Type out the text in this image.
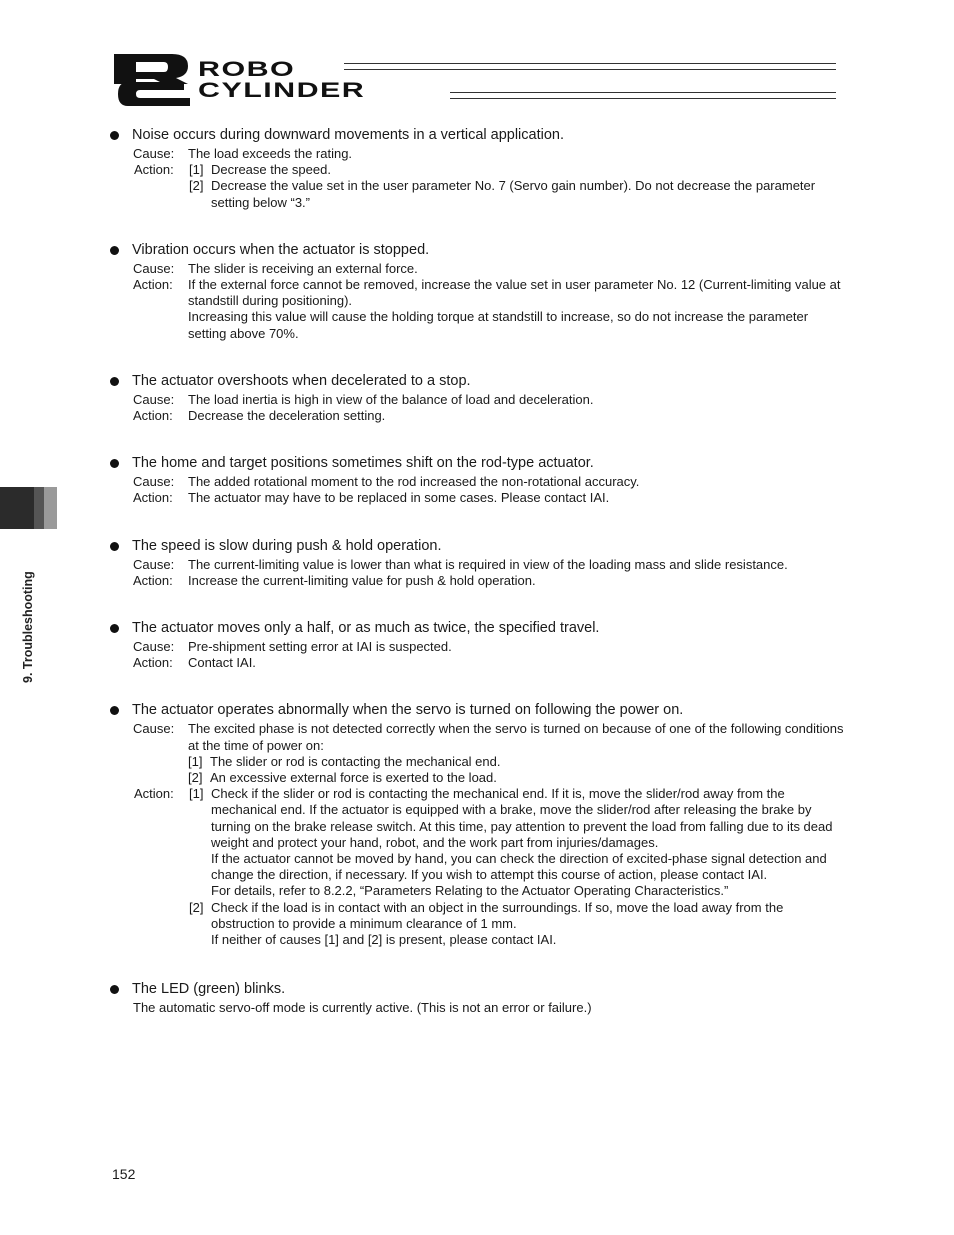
ROBO
CYLINDER
9. Troubleshooting
Noise occurs during downward movements in a vertical application.
Cause:	The load exceeds the rating.
Action:	[1] Decrease the speed.
[2] Decrease the value set in the user parameter No. 7 (Servo gain number). Do not decrease the parameter setting below “3.”
Vibration occurs when the actuator is stopped.
Cause:	The slider is receiving an external force.
Action:	If the external force cannot be removed, increase the value set in user parameter No. 12 (Current-limiting value at standstill during positioning).
Increasing this value will cause the holding torque at standstill to increase, so do not increase the parameter setting above 70%.
The actuator overshoots when decelerated to a stop.
Cause:	The load inertia is high in view of the balance of load and deceleration.
Action:	Decrease the deceleration setting.
The home and target positions sometimes shift on the rod-type actuator.
Cause:	The added rotational moment to the rod increased the non-rotational accuracy.
Action:	The actuator may have to be replaced in some cases. Please contact IAI.
The speed is slow during push & hold operation.
Cause:	The current-limiting value is lower than what is required in view of the loading mass and slide resistance.
Action:	Increase the current-limiting value for push & hold operation.
The actuator moves only a half, or as much as twice, the specified travel.
Cause:	Pre-shipment setting error at IAI is suspected.
Action:	Contact IAI.
The actuator operates abnormally when the servo is turned on following the power on.
Cause:	The excited phase is not detected correctly when the servo is turned on because of one of the following conditions at the time of power on:
[1] The slider or rod is contacting the mechanical end.
[2] An excessive external force is exerted to the load.
Action:	[1] Check if the slider or rod is contacting the mechanical end. If it is, move the slider/rod away from the mechanical end. If the actuator is equipped with a brake, move the slider/rod after releasing the brake by turning on the brake release switch. At this time, pay attention to prevent the load from falling due to its dead weight and protect your hand, robot, and the work part from injuries/damages.
If the actuator cannot be moved by hand, you can check the direction of excited-phase signal detection and change the direction, if necessary. If you wish to attempt this course of action, please contact IAI.
For details, refer to 8.2.2, “Parameters Relating to the Actuator Operating Characteristics.”
[2] Check if the load is in contact with an object in the surroundings. If so, move the load away from the obstruction to provide a minimum clearance of 1 mm.
If neither of causes [1] and [2] is present, please contact IAI.
The LED (green) blinks.
The automatic servo-off mode is currently active. (This is not an error or failure.)
152
